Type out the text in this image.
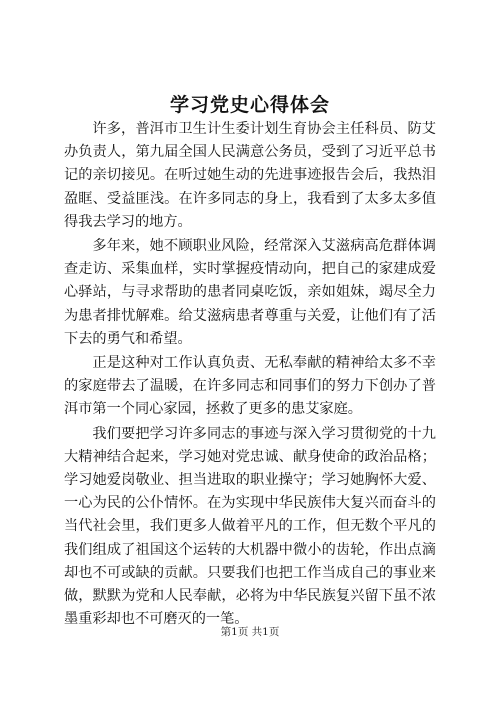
学习党史心得体会

许多，普洱市卫生计生委计划生育协会主任科员、防艾办负责人，第九届全国人民满意公务员，受到了习近平总书记的亲切接见。在听过她生动的先进事迹报告会后，我热泪盈眶、受益匪浅。在许多同志的身上，我看到了太多太多值得我去学习的地方。

多年来，她不顾职业风险，经常深入艾滋病高危群体调查走访、采集血样，实时掌握疫情动向，把自己的家建成爱心驿站，与寻求帮助的患者同桌吃饭，亲如姐妹，竭尽全力为患者排忧解难。给艾滋病患者尊重与关爱，让他们有了活下去的勇气和希望。

正是这种对工作认真负责、无私奉献的精神给太多不幸的家庭带去了温暖，在许多同志和同事们的努力下创办了普洱市第一个同心家园，拯救了更多的患艾家庭。

我们要把学习许多同志的事迹与深入学习贯彻党的十九大精神结合起来，学习她对党忠诚、献身使命的政治品格；学习她爱岗敬业、担当进取的职业操守；学习她胸怀大爱、一心为民的公仆情怀。在为实现中华民族伟大复兴而奋斗的当代社会里，我们更多人做着平凡的工作，但无数个平凡的我们组成了祖国这个运转的大机器中微小的齿轮，作出点滴却也不可或缺的贡献。只要我们也把工作当成自己的事业来做，默默为党和人民奉献，必将为中华民族复兴留下虽不浓墨重彩却也不可磨灭的一笔。

第1页 共1页
